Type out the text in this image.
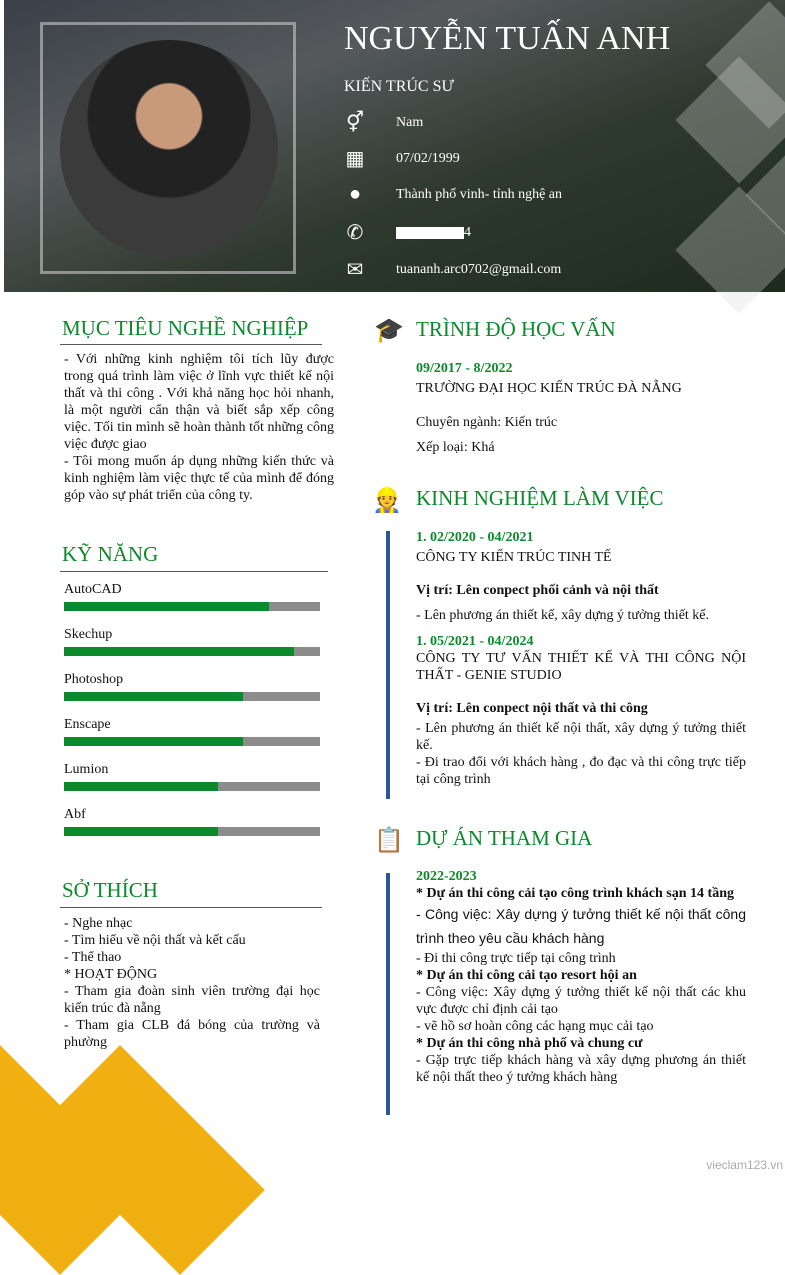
NGUYỄN TUẤN ANH
KIẾN TRÚC SƯ
⚥ Nam
▦ 07/02/1999
●	Thành phố vinh- tỉnh nghệ an
✆	4
✉ tuananh.arc0702@gmail.com
MỤC TIÊU NGHỀ NGHIỆP
- Với những kinh nghiệm tôi tích lũy được trong quá trình làm việc ở lĩnh vực thiết kế nội thất và thi công . Với khả năng học hỏi nhanh, là một người cẩn thận và biết sắp xếp công việc. Tối tin mình sẽ hoàn thành tốt những công việc được giao
- Tôi mong muốn áp dụng những kiến thức và kinh nghiệm làm việc thực tế của mình để đóng góp vào sự phát triển của công ty.
KỸ NĂNG
AutoCAD
Skechup
Photoshop
Enscape
Lumion
Abf
SỞ THÍCH
- Nghe nhạc
- Tìm hiểu về nội thất và kết cấu
- Thể thao
* HOẠT ĐỘNG
- Tham gia đoàn sinh viên trường đại học kiến trúc đà nẵng
- Tham gia CLB đá bóng của trường và phường
🎓 TRÌNH ĐỘ HỌC VẤN
09/2017 - 8/2022
TRƯỜNG ĐẠI HỌC KIẾN TRÚC ĐÀ NẴNG
Chuyên ngành: Kiến trúc
Xếp loại: Khá
👷 KINH NGHIỆM LÀM VIỆC
1. 02/2020 - 04/2021
CÔNG TY KIẾN TRÚC TINH TẾ
Vị trí: Lên conpect phối cảnh và nội thất
- Lên phương án thiết kế, xây dựng ý tưởng thiết kế.
1. 05/2021 - 04/2024
CÔNG TY TƯ VẤN THIẾT KẾ VÀ THI CÔNG NỘI THẤT - GENIE STUDIO
Vị trí: Lên conpect nội thất và thi công
- Lên phương án thiết kế nội thất, xây dựng ý tưởng thiết kế.
- Đi trao đổi với khách hàng , đo đạc và thi công trực tiếp tại công trình
📋 DỰ ÁN THAM GIA
2022-2023
* Dự án thi công cải tạo công trình khách sạn 14 tầng
- Công việc: Xây dựng ý tưởng thiết kế nội thất công trình theo yêu cầu khách hàng
- Đi thi công trực tiếp tại công trình
* Dự án thi công cải tạo resort hội an
- Công việc: Xây dựng ý tưởng thiết kế nội thất các khu vực được chỉ định cải tạo
- vẽ hồ sơ hoàn công các hạng mục cải tạo
* Dự án thi công nhà phố và chung cư
- Gặp trực tiếp khách hàng và xây dựng phương án thiết kế nội thất theo ý tưởng khách hàng
vieclam123.vn
